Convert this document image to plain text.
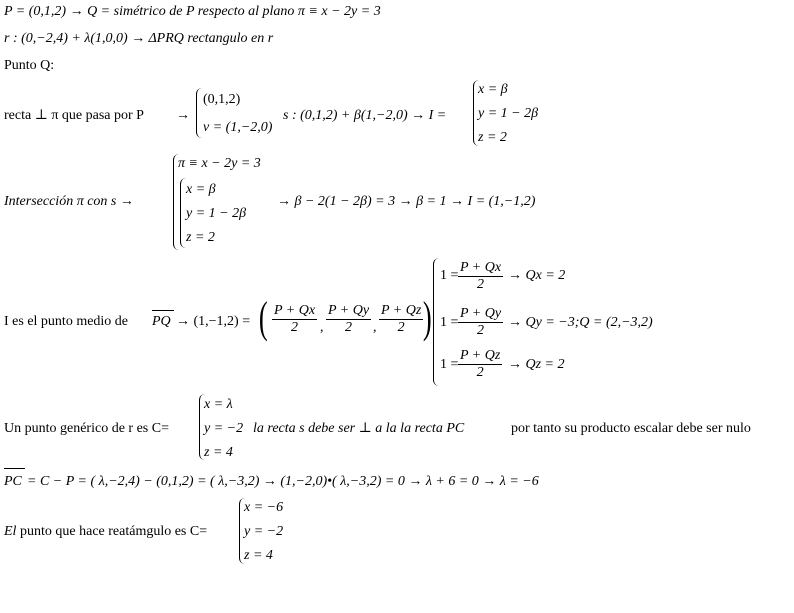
P = (0,1,2) → Q = simétrico de P respecto al plano π ≡ x − 2y = 3
r : (0,−2,4) + λ(1,0,0) → ΔPRQ rectangulo en r
Punto Q:
recta ⊥ π que pasa por P →
(0,1,2)
v = (1,−2,0)
s : (0,1,2) + β(1,−2,0) → I =
x = β
y = 1 − 2β
z = 2
Intersección π con s →
π ≡ x − 2y = 3
x = β
y = 1 − 2β
z = 2
→ β − 2(1 − 2β) = 3 → β = 1 → I = (1,−1,2)
I es el punto medio de PQ → (1,−1,2) = ( $\frac{P + Qx}{2}$ , $\frac{P + Qy}{2}$ , $\frac{P + Qz}{2}$ )
$1 = \frac{P + Qx}{2} \to Qx = 2$
$1 = \frac{P + Qy}{2} \to Qy$ = −3;Q = (2,−3,2)
$1 = \frac{P + Qz}{2} \to Qz = 2$
Un punto genérico de r es C=
x = λ
y = −2
z = 4
la recta s debe ser ⊥ a la la recta PC	por tanto su producto escalar debe ser nulo
PC = C − P = ( λ,−2,4) − (0,1,2) = ( λ,−3,2) → (1,−2,0)•( λ,−3,2) = 0 → λ + 6 = 0 → λ = −6
El punto que hace reatámgulo es C=
x = −6
y = −2
z = 4
